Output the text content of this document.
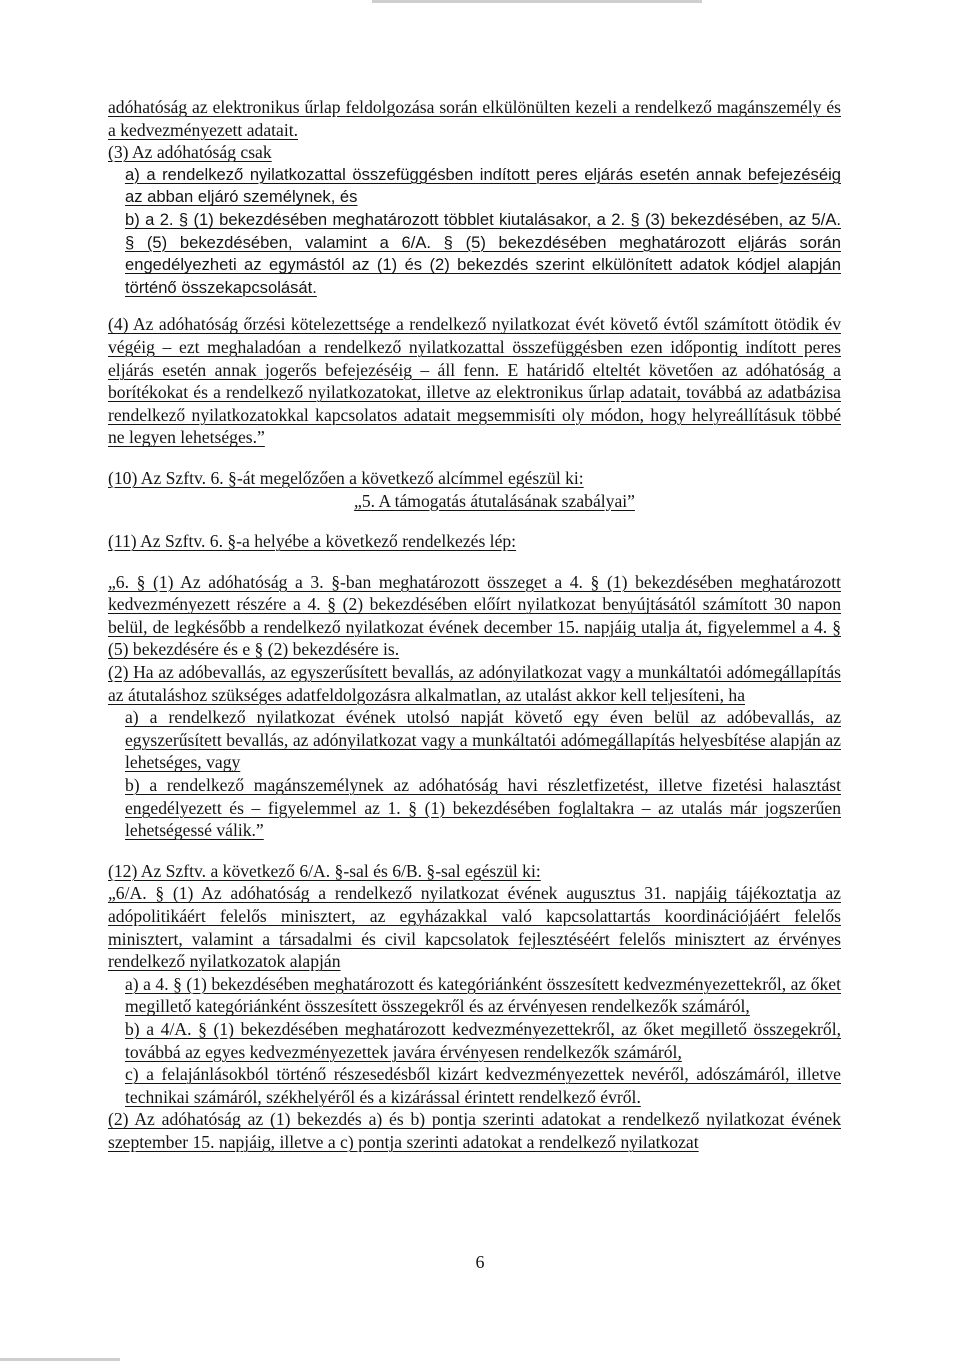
adóhatóság az elektronikus űrlap feldolgozása során elkülönülten kezeli a rendelkező magánszemély és a kedvezményezett adatait.

(3) Az adóhatóság csak

a) a rendelkező nyilatkozattal összefüggésben indított peres eljárás esetén annak befejezéséig az abban eljáró személynek, és

b) a 2. § (1) bekezdésében meghatározott többlet kiutalásakor, a 2. § (3) bekezdésében, az 5/A. § (5) bekezdésében, valamint a 6/A. § (5) bekezdésében meghatározott eljárás során engedélyezheti az egymástól az (1) és (2) bekezdés szerint elkülönített adatok kódjel alapján történő összekapcsolását.

(4) Az adóhatóság őrzési kötelezettsége a rendelkező nyilatkozat évét követő évtől számított ötödik év végéig – ezt meghaladóan a rendelkező nyilatkozattal összefüggésben ezen időpontig indított peres eljárás esetén annak jogerős befejezéséig – áll fenn. E határidő elteltét követően az adóhatóság a borítékokat és a rendelkező nyilatkozatokat, illetve az elektronikus űrlap adatait, továbbá az adatbázisa rendelkező nyilatkozatokkal kapcsolatos adatait megsemmisíti oly módon, hogy helyreállításuk többé ne legyen lehetséges.”

(10) Az Szftv. 6. §-át megelőzően a következő alcímmel egészül ki:

„5. A támogatás átutalásának szabályai”

(11) Az Szftv. 6. §-a helyébe a következő rendelkezés lép:

„6. § (1) Az adóhatóság a 3. §-ban meghatározott összeget a 4. § (1) bekezdésében meghatározott kedvezményezett részére a 4. § (2) bekezdésében előírt nyilatkozat benyújtásától számított 30 napon belül, de legkésőbb a rendelkező nyilatkozat évének december 15. napjáig utalja át, figyelemmel a 4. § (5) bekezdésére és e § (2) bekezdésére is.

(2) Ha az adóbevallás, az egyszerűsített bevallás, az adónyilatkozat vagy a munkáltatói adómegállapítás az átutaláshoz szükséges adatfeldolgozásra alkalmatlan, az utalást akkor kell teljesíteni, ha

a) a rendelkező nyilatkozat évének utolsó napját követő egy éven belül az adóbevallás, az egyszerűsített bevallás, az adónyilatkozat vagy a munkáltatói adómegállapítás helyesbítése alapján az lehetséges, vagy

b) a rendelkező magánszemélynek az adóhatóság havi részletfizetést, illetve fizetési halasztást engedélyezett és – figyelemmel az 1. § (1) bekezdésében foglaltakra – az utalás már jogszerűen lehetségessé válik.”

(12) Az Szftv. a következő 6/A. §-sal és 6/B. §-sal egészül ki:

„6/A. § (1) Az adóhatóság a rendelkező nyilatkozat évének augusztus 31. napjáig tájékoztatja az adópolitikáért felelős minisztert, az egyházakkal való kapcsolattartás koordinációjáért felelős minisztert, valamint a társadalmi és civil kapcsolatok fejlesztéséért felelős minisztert az érvényes rendelkező nyilatkozatok alapján

a) a 4. § (1) bekezdésében meghatározott és kategóriánként összesített kedvezményezettekről, az őket megillető kategóriánként összesített összegekről és az érvényesen rendelkezők számáról,

b) a 4/A. § (1) bekezdésében meghatározott kedvezményezettekről, az őket megillető összegekről, továbbá az egyes kedvezményezettek javára érvényesen rendelkezők számáról,

c) a felajánlásokból történő részesedésből kizárt kedvezményezettek nevéről, adószámáról, illetve technikai számáról, székhelyéről és a kizárással érintett rendelkező évről.

(2) Az adóhatóság az (1) bekezdés a) és b) pontja szerinti adatokat a rendelkező nyilatkozat évének szeptember 15. napjáig, illetve a c) pontja szerinti adatokat a rendelkező nyilatkozat

6
